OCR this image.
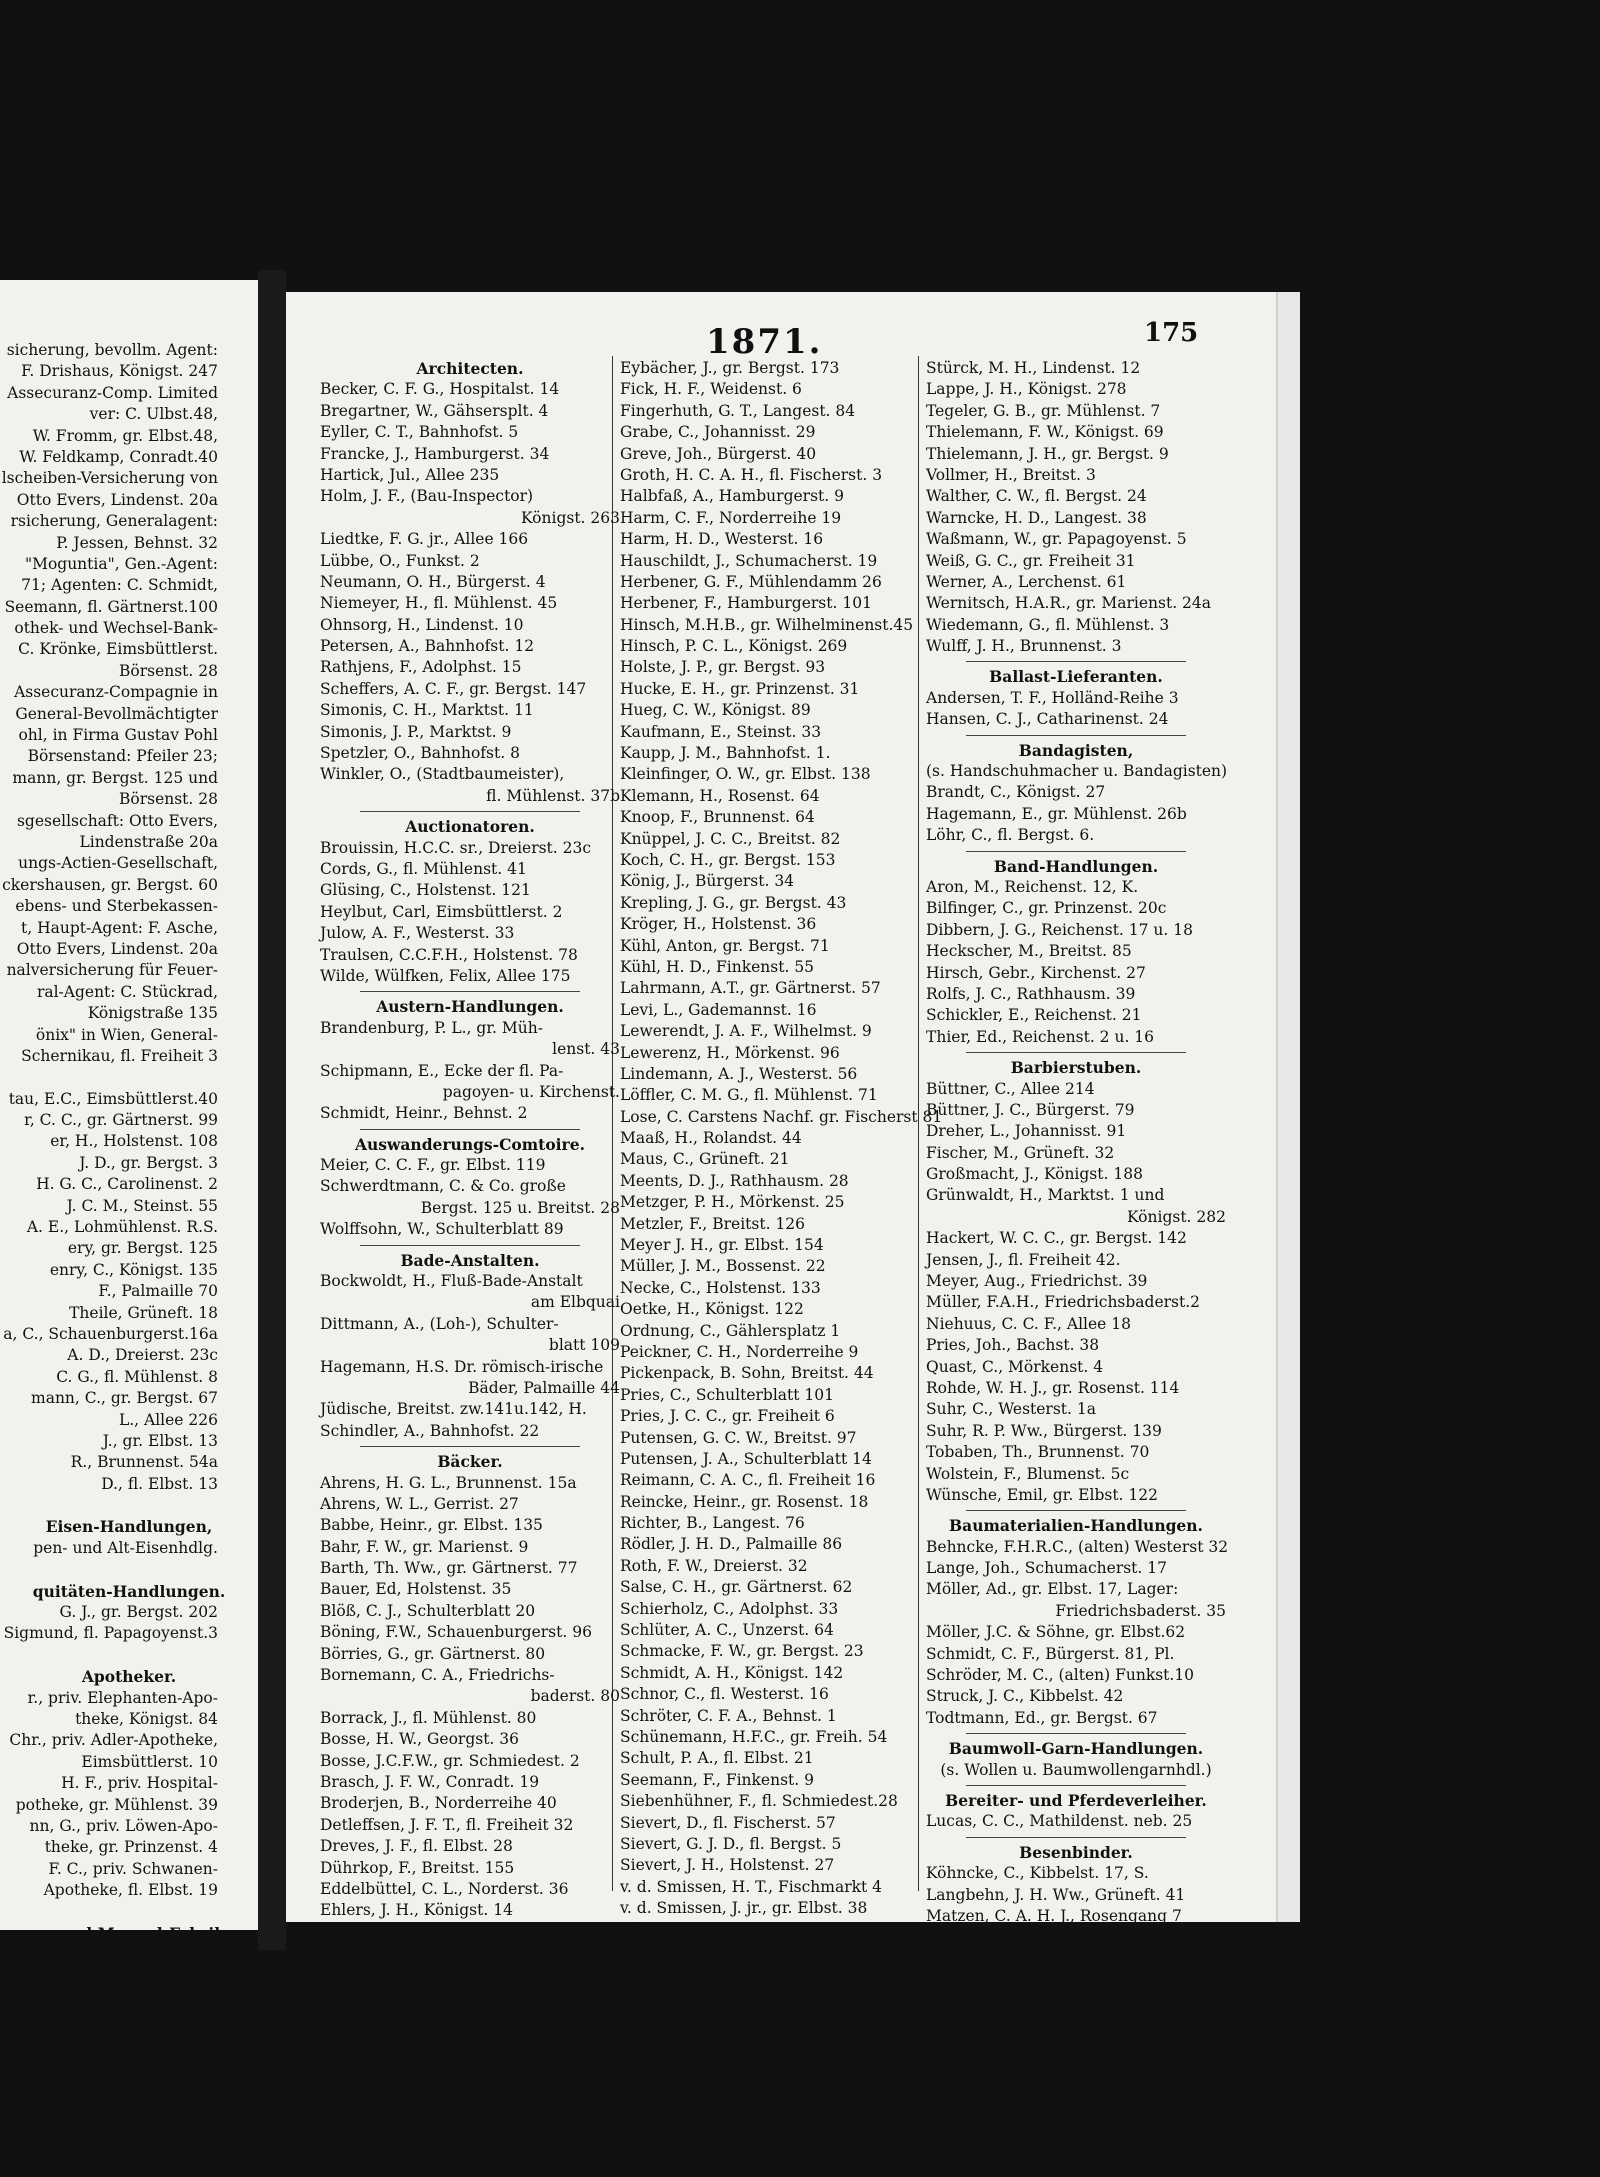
sicherung, bevollm. Agent:
F. Drishaus, Königst. 247
Assecuranz-Comp. Limited
ver: C. Ulbst.48,
W. Fromm, gr. Elbst.48,
W. Feldkamp, Conradt.40
lscheiben-Versicherung von
Otto Evers, Lindenst. 20a
rsicherung, Generalagent:
P. Jessen, Behnst. 32
"Moguntia", Gen.-Agent:
71; Agenten: C. Schmidt,
Seemann, fl. Gärtnerst.100
othek- und Wechsel-Bank-
C. Krönke, Eimsbüttlerst.
Börsenst. 28
Assecuranz-Compagnie in
General-Bevollmächtigter
ohl, in Firma Gustav Pohl
Börsenstand: Pfeiler 23;
mann, gr. Bergst. 125 und
Börsenst. 28
sgesellschaft: Otto Evers,
Lindenstraße 20a
ungs-Actien-Gesellschaft,
ckershausen, gr. Bergst. 60
ebens- und Sterbekassen-
t, Haupt-Agent: F. Asche,
Otto Evers, Lindenst. 20a
nalversicherung für Feuer-
ral-Agent: C. Stückrad,
Königstraße 135
önix" in Wien, General-
Schernikau, fl. Freiheit 3
tau, E.C., Eimsbüttlerst.40
r, C. C., gr. Gärtnerst. 99
er, H., Holstenst. 108
J. D., gr. Bergst. 3
H. G. C., Carolinenst. 2
J. C. M., Steinst. 55
A. E., Lohmühlenst. R.S.
ery, gr. Bergst. 125
enry, C., Königst. 135
F., Palmaille 70
Theile, Grüneft. 18
a, C., Schauenburgerst.16a
A. D., Dreierst. 23c
C. G., fl. Mühlenst. 8
mann, C., gr. Bergst. 67
L., Allee 226
J., gr. Elbst. 13
R., Brunnenst. 54a
D., fl. Elbst. 13
Eisen-Handlungen,
pen- und Alt-Eisenhdlg.
quitäten-Handlungen.
G. J., gr. Bergst. 202
Sigmund, fl. Papagoyenst.3
Apotheker.
r., priv. Elephanten-Apo-
theke, Königst. 84
Chr., priv. Adler-Apotheke,
Eimsbüttlerst. 10
H. F., priv. Hospital-
potheke, gr. Mühlenst. 39
nn, G., priv. Löwen-Apo-
theke, gr. Prinzenst. 4
F. C., priv. Schwanen-
Apotheke, fl. Elbst. 19
ur- und Mangel-Fabrik.
n, C.H. Ww, gr. Rosenst.128
1871.	175
Architecten.
Becker, C. F. G., Hospitalst. 14
Bregartner, W., Gähsersplt. 4
Eyller, C. T., Bahnhofst. 5
Francke, J., Hamburgerst. 34
Hartick, Jul., Allee 235
Holm, J. F., (Bau-Inspector)
Königst. 263
Liedtke, F. G. jr., Allee 166
Lübbe, O., Funkst. 2
Neumann, O. H., Bürgerst. 4
Niemeyer, H., fl. Mühlenst. 45
Ohnsorg, H., Lindenst. 10
Petersen, A., Bahnhofst. 12
Rathjens, F., Adolphst. 15
Scheffers, A. C. F., gr. Bergst. 147
Simonis, C. H., Marktst. 11
Simonis, J. P., Marktst. 9
Spetzler, O., Bahnhofst. 8
Winkler, O., (Stadtbaumeister),
fl. Mühlenst. 37b
Auctionatoren.
Brouissin, H.C.C. sr., Dreierst. 23c
Cords, G., fl. Mühlenst. 41
Glüsing, C., Holstenst. 121
Heylbut, Carl, Eimsbüttlerst. 2
Julow, A. F., Westerst. 33
Traulsen, C.C.F.H., Holstenst. 78
Wilde, Wülfken, Felix, Allee 175
Austern-Handlungen.
Brandenburg, P. L., gr. Müh-
lenst. 43
Schipmann, E., Ecke der fl. Pa-
pagoyen- u. Kirchenst.
Schmidt, Heinr., Behnst. 2
Auswanderungs-Comtoire.
Meier, C. C. F., gr. Elbst. 119
Schwerdtmann, C. & Co. große
Bergst. 125 u. Breitst. 28
Wolffsohn, W., Schulterblatt 89
Bade-Anstalten.
Bockwoldt, H., Fluß-Bade-Anstalt
am Elbquai
Dittmann, A., (Loh-), Schulter-
blatt 109
Hagemann, H.S. Dr. römisch-irische
Bäder, Palmaille 44
Jüdische, Breitst. zw.141u.142, H.
Schindler, A., Bahnhofst. 22
Bäcker.
Ahrens, H. G. L., Brunnenst. 15a
Ahrens, W. L., Gerrist. 27
Babbe, Heinr., gr. Elbst. 135
Bahr, F. W., gr. Marienst. 9
Barth, Th. Ww., gr. Gärtnerst. 77
Bauer, Ed, Holstenst. 35
Blöß, C. J., Schulterblatt 20
Böning, F.W., Schauenburgerst. 96
Börries, G., gr. Gärtnerst. 80
Bornemann, C. A., Friedrichs-
baderst. 80
Borrack, J., fl. Mühlenst. 80
Bosse, H. W., Georgst. 36
Bosse, J.C.F.W., gr. Schmiedest. 2
Brasch, J. F. W., Conradt. 19
Broderjen, B., Norderreihe 40
Detleffsen, J. F. T., fl. Freiheit 32
Dreves, J. F., fl. Elbst. 28
Dührkop, F., Breitst. 155
Eddelbüttel, C. L., Norderst. 36
Ehlers, J. H., Königst. 14
Ehlers, T., gr. Brauerst. 8
Eybächer, J., gr. Bergst. 173
Fick, H. F., Weidenst. 6
Fingerhuth, G. T., Langest. 84
Grabe, C., Johannisst. 29
Greve, Joh., Bürgerst. 40
Groth, H. C. A. H., fl. Fischerst. 3
Halbfaß, A., Hamburgerst. 9
Harm, C. F., Norderreihe 19
Harm, H. D., Westerst. 16
Hauschildt, J., Schumacherst. 19
Herbener, G. F., Mühlendamm 26
Herbener, F., Hamburgerst. 101
Hinsch, M.H.B., gr. Wilhelminenst.45
Hinsch, P. C. L., Königst. 269
Holste, J. P., gr. Bergst. 93
Hucke, E. H., gr. Prinzenst. 31
Hueg, C. W., Königst. 89
Kaufmann, E., Steinst. 33
Kaupp, J. M., Bahnhofst. 1.
Kleinfinger, O. W., gr. Elbst. 138
Klemann, H., Rosenst. 64
Knoop, F., Brunnenst. 64
Knüppel, J. C. C., Breitst. 82
Koch, C. H., gr. Bergst. 153
König, J., Bürgerst. 34
Krepling, J. G., gr. Bergst. 43
Kröger, H., Holstenst. 36
Kühl, Anton, gr. Bergst. 71
Kühl, H. D., Finkenst. 55
Lahrmann, A.T., gr. Gärtnerst. 57
Levi, L., Gademannst. 16
Lewerendt, J. A. F., Wilhelmst. 9
Lewerenz, H., Mörkenst. 96
Lindemann, A. J., Westerst. 56
Löffler, C. M. G., fl. Mühlenst. 71
Lose, C. Carstens Nachf. gr. Fischerst 81
Maaß, H., Rolandst. 44
Maus, C., Grüneft. 21
Meents, D. J., Rathhausm. 28
Metzger, P. H., Mörkenst. 25
Metzler, F., Breitst. 126
Meyer J. H., gr. Elbst. 154
Müller, J. M., Bossenst. 22
Necke, C., Holstenst. 133
Oetke, H., Königst. 122
Ordnung, C., Gählersplatz 1
Peickner, C. H., Norderreihe 9
Pickenpack, B. Sohn, Breitst. 44
Pries, C., Schulterblatt 101
Pries, J. C. C., gr. Freiheit 6
Putensen, G. C. W., Breitst. 97
Putensen, J. A., Schulterblatt 14
Reimann, C. A. C., fl. Freiheit 16
Reincke, Heinr., gr. Rosenst. 18
Richter, B., Langest. 76
Rödler, J. H. D., Palmaille 86
Roth, F. W., Dreierst. 32
Salse, C. H., gr. Gärtnerst. 62
Schierholz, C., Adolphst. 33
Schlüter, A. C., Unzerst. 64
Schmacke, F. W., gr. Bergst. 23
Schmidt, A. H., Königst. 142
Schnor, C., fl. Westerst. 16
Schröter, C. F. A., Behnst. 1
Schünemann, H.F.C., gr. Freih. 54
Schult, P. A., fl. Elbst. 21
Seemann, F., Finkenst. 9
Siebenhühner, F., fl. Schmiedest.28
Sievert, D., fl. Fischerst. 57
Sievert, G. J. D., fl. Bergst. 5
Sievert, J. H., Holstenst. 27
v. d. Smissen, H. T., Fischmarkt 4
v. d. Smissen, J. jr., gr. Elbst. 38
Sötje, C., gr. Wilhelminenst. 22
Soltau, J. C. sen., Westerst. 37
Stavenow, C. F., Fischmarkt 18
Stieler, J. H. W., fl. Gärtnerst.115
Stricker, W., Norderst. 30a
Stürck, M. H., Lindenst. 12
Lappe, J. H., Königst. 278
Tegeler, G. B., gr. Mühlenst. 7
Thielemann, F. W., Königst. 69
Thielemann, J. H., gr. Bergst. 9
Vollmer, H., Breitst. 3
Walther, C. W., fl. Bergst. 24
Warncke, H. D., Langest. 38
Waßmann, W., gr. Papagoyenst. 5
Weiß, G. C., gr. Freiheit 31
Werner, A., Lerchenst. 61
Wernitsch, H.A.R., gr. Marienst. 24a
Wiedemann, G., fl. Mühlenst. 3
Wulff, J. H., Brunnenst. 3
Ballast-Lieferanten.
Andersen, T. F., Holländ-Reihe 3
Hansen, C. J., Catharinenst. 24
Bandagisten,
(s. Handschuhmacher u. Bandagisten)
Brandt, C., Königst. 27
Hagemann, E., gr. Mühlenst. 26b
Löhr, C., fl. Bergst. 6.
Band-Handlungen.
Aron, M., Reichenst. 12, K.
Bilfinger, C., gr. Prinzenst. 20c
Dibbern, J. G., Reichenst. 17 u. 18
Heckscher, M., Breitst. 85
Hirsch, Gebr., Kirchenst. 27
Rolfs, J. C., Rathhausm. 39
Schickler, E., Reichenst. 21
Thier, Ed., Reichenst. 2 u. 16
Barbierstuben.
Büttner, C., Allee 214
Büttner, J. C., Bürgerst. 79
Dreher, L., Johannisst. 91
Fischer, M., Grüneft. 32
Großmacht, J., Königst. 188
Grünwaldt, H., Marktst. 1 und
Königst. 282
Hackert, W. C. C., gr. Bergst. 142
Jensen, J., fl. Freiheit 42.
Meyer, Aug., Friedrichst. 39
Müller, F.A.H., Friedrichsbaderst.2
Niehuus, C. C. F., Allee 18
Pries, Joh., Bachst. 38
Quast, C., Mörkenst. 4
Rohde, W. H. J., gr. Rosenst. 114
Suhr, C., Westerst. 1a
Suhr, R. P. Ww., Bürgerst. 139
Tobaben, Th., Brunnenst. 70
Wolstein, F., Blumenst. 5c
Wünsche, Emil, gr. Elbst. 122
Baumaterialien-Handlungen.
Behncke, F.H.R.C., (alten) Westerst 32
Lange, Joh., Schumacherst. 17
Möller, Ad., gr. Elbst. 17, Lager:
Friedrichsbaderst. 35
Möller, J.C. & Söhne, gr. Elbst.62
Schmidt, C. F., Bürgerst. 81, Pl.
Schröder, M. C., (alten) Funkst.10
Struck, J. C., Kibbelst. 42
Todtmann, Ed., gr. Bergst. 67
Baumwoll-Garn-Handlungen.
(s. Wollen u. Baumwollengarnhdl.)
Bereiter- und Pferdeverleiher.
Lucas, C. C., Mathildenst. neb. 25
Besenbinder.
Köhncke, C., Kibbelst. 17, S.
Langbehn, J. H. Ww., Grüneft. 41
Matzen, C. A. H. J., Rosengang 7
